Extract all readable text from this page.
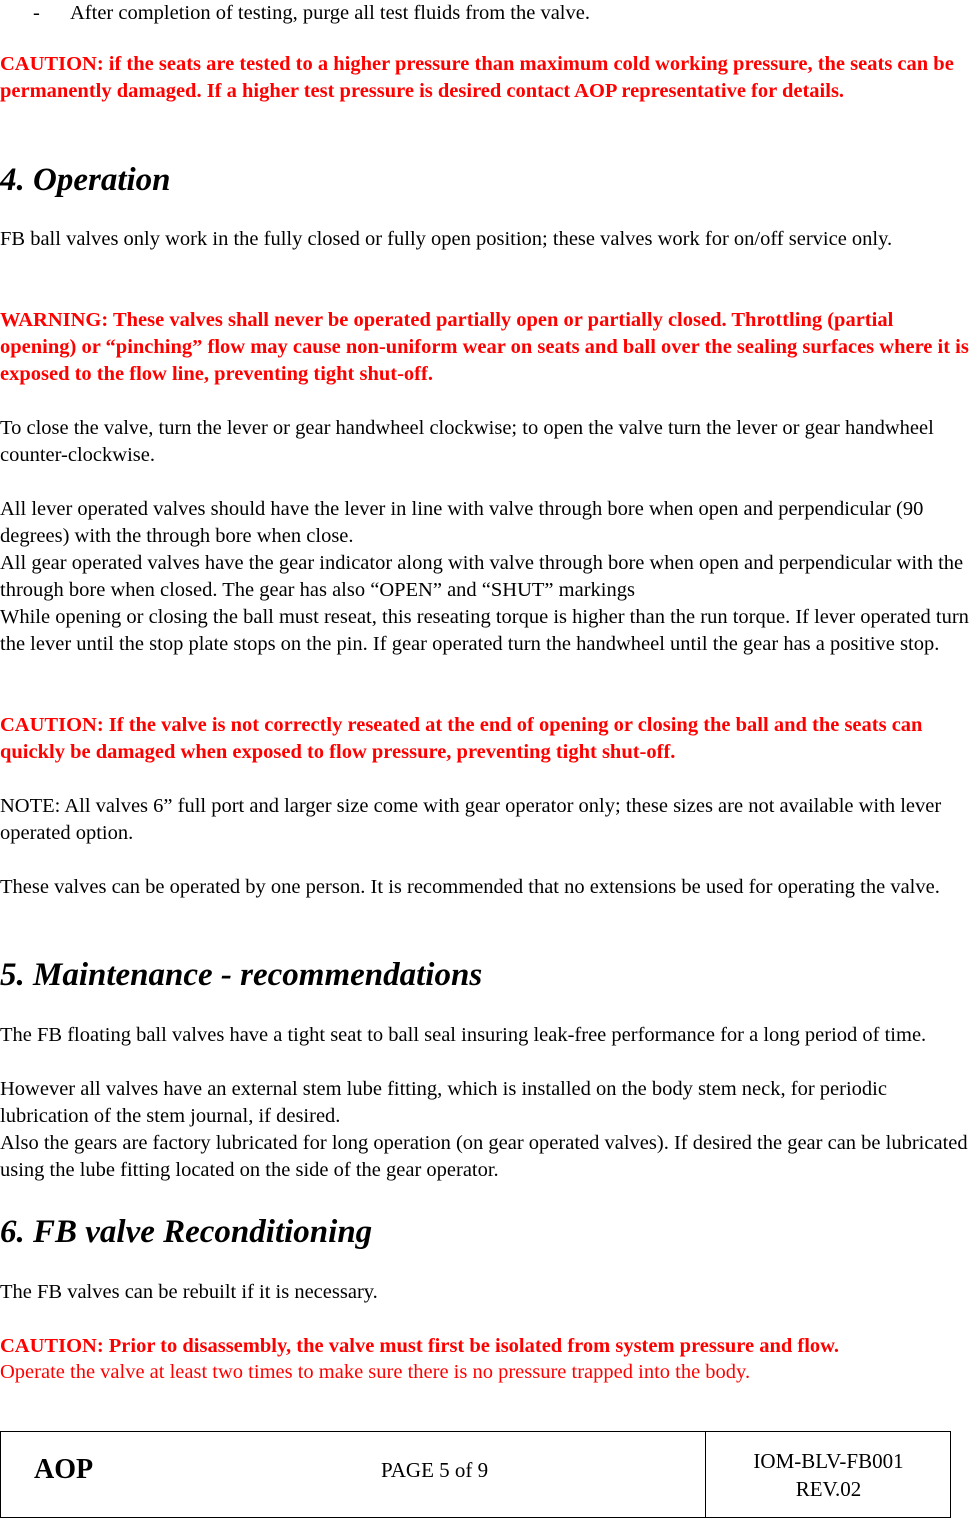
- After completion of testing, purge all test fluids from the valve.

CAUTION: if the seats are tested to a higher pressure than maximum cold working pressure, the seats can be permanently damaged. If a higher test pressure is desired contact AOP representative for details.

4. Operation

FB ball valves only work in the fully closed or fully open position; these valves work for on/off service only.

WARNING: These valves shall never be operated partially open or partially closed. Throttling (partial opening) or “pinching” flow may cause non-uniform wear on seats and ball over the sealing surfaces where it is exposed to the flow line, preventing tight shut-off.

To close the valve, turn the lever or gear handwheel clockwise; to open the valve turn the lever or gear handwheel counter-clockwise.

All lever operated valves should have the lever in line with valve through bore when open and perpendicular (90 degrees) with the through bore when close.

All gear operated valves have the gear indicator along with valve through bore when open and perpendicular with the through bore when closed. The gear has also “OPEN” and “SHUT” markings

While opening or closing the ball must reseat, this reseating torque is higher than the run torque. If lever operated turn the lever until the stop plate stops on the pin. If gear operated turn the handwheel until the gear has a positive stop.

CAUTION: If the valve is not correctly reseated at the end of opening or closing the ball and the seats can quickly be damaged when exposed to flow pressure, preventing tight shut-off.

NOTE: All valves 6” full port and larger size come with gear operator only; these sizes are not available with lever operated option.

These valves can be operated by one person. It is recommended that no extensions be used for operating the valve.

5. Maintenance - recommendations

The FB floating ball valves have a tight seat to ball seal insuring leak-free performance for a long period of time.

However all valves have an external stem lube fitting, which is installed on the body stem neck, for periodic lubrication of the stem journal, if desired.

Also the gears are factory lubricated for long operation (on gear operated valves). If desired the gear can be lubricated using the lube fitting located on the side of the gear operator.

6. FB valve Reconditioning

The FB valves can be rebuilt if it is necessary.

CAUTION: Prior to disassembly, the valve must first be isolated from system pressure and flow.

Operate the valve at least two times to make sure there is no pressure trapped into the body.

AOP	PAGE 5 of 9	IOM-BLV-FB001
REV.02
